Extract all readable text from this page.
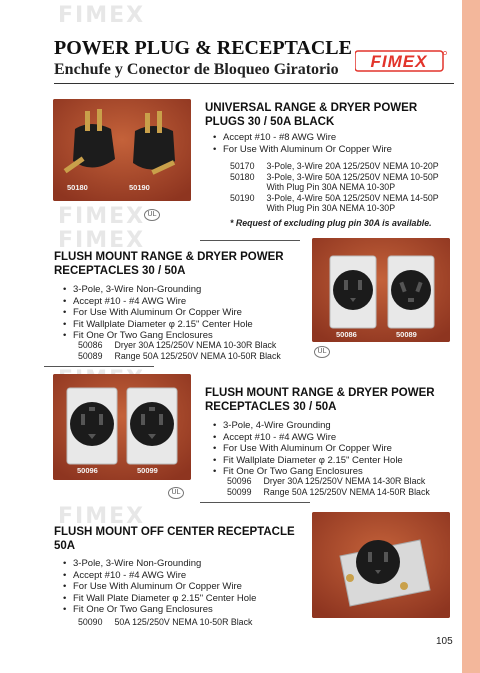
FIMEX
FIMEX
FIMEX
FIMEX
POWER PLUG & RECEPTACLE
Enchufe y Conector de Bloqueo Giratorio FIMEX
50180	50190
UNIVERSAL RANGE & DRYER POWER
PLUGS 30 / 50A BLACK
• Accept #10 - #8 AWG Wire
• For Use With Aluminum Or Copper Wire
50170	3-Pole, 3-Wire 20A 125/250V NEMA 10-20P
50180	3-Pole, 3-Wire 50A 125/250V NEMA 10-50P
	With Plug Pin 30A NEMA 10-30P
50190	3-Pole, 4-Wire 50A 125/250V NEMA 14-50P
	With Plug Pin 30A NEMA 10-30P
UL
* Request of excluding plug pin 30A is available.
FLUSH MOUNT RANGE & DRYER POWER
RECEPTACLES 30 / 50A
• 3-Pole, 3-Wire Non-Grounding
• Accept #10 - #4 AWG Wire
• For Use With Aluminum Or Copper Wire
• Fit Wallplate Diameter φ 2.15" Center Hole
• Fit One Or Two Gang Enclosures
50086	Dryer 30A 125/250V NEMA 10-30R Black
50089	Range 50A 125/250V NEMA 10-50R Black
50086	50089
UL
50096	50099
FLUSH MOUNT RANGE & DRYER POWER
RECEPTACLES 30 / 50A
• 3-Pole, 4-Wire Grounding
• Accept #10 - #4 AWG Wire
• For Use With Aluminum Or Copper Wire
• Fit Wallplate Diameter φ 2.15" Center Hole
• Fit One Or Two Gang Enclosures
50096	Dryer 30A 125/250V NEMA 14-30R Black
50099	Range 50A 125/250V NEMA 14-50R Black
UL
FLUSH MOUNT OFF CENTER RECEPTACLE
50A
• 3-Pole, 3-Wire Non-Grounding
• Accept #10 - #4 AWG Wire
• For Use With Aluminum Or Copper Wire
• Fit Wall Plate Diameter φ 2.15" Center Hole
• Fit One Or Two Gang Enclosures
50090	50A 125/250V NEMA 10-50R Black
105
